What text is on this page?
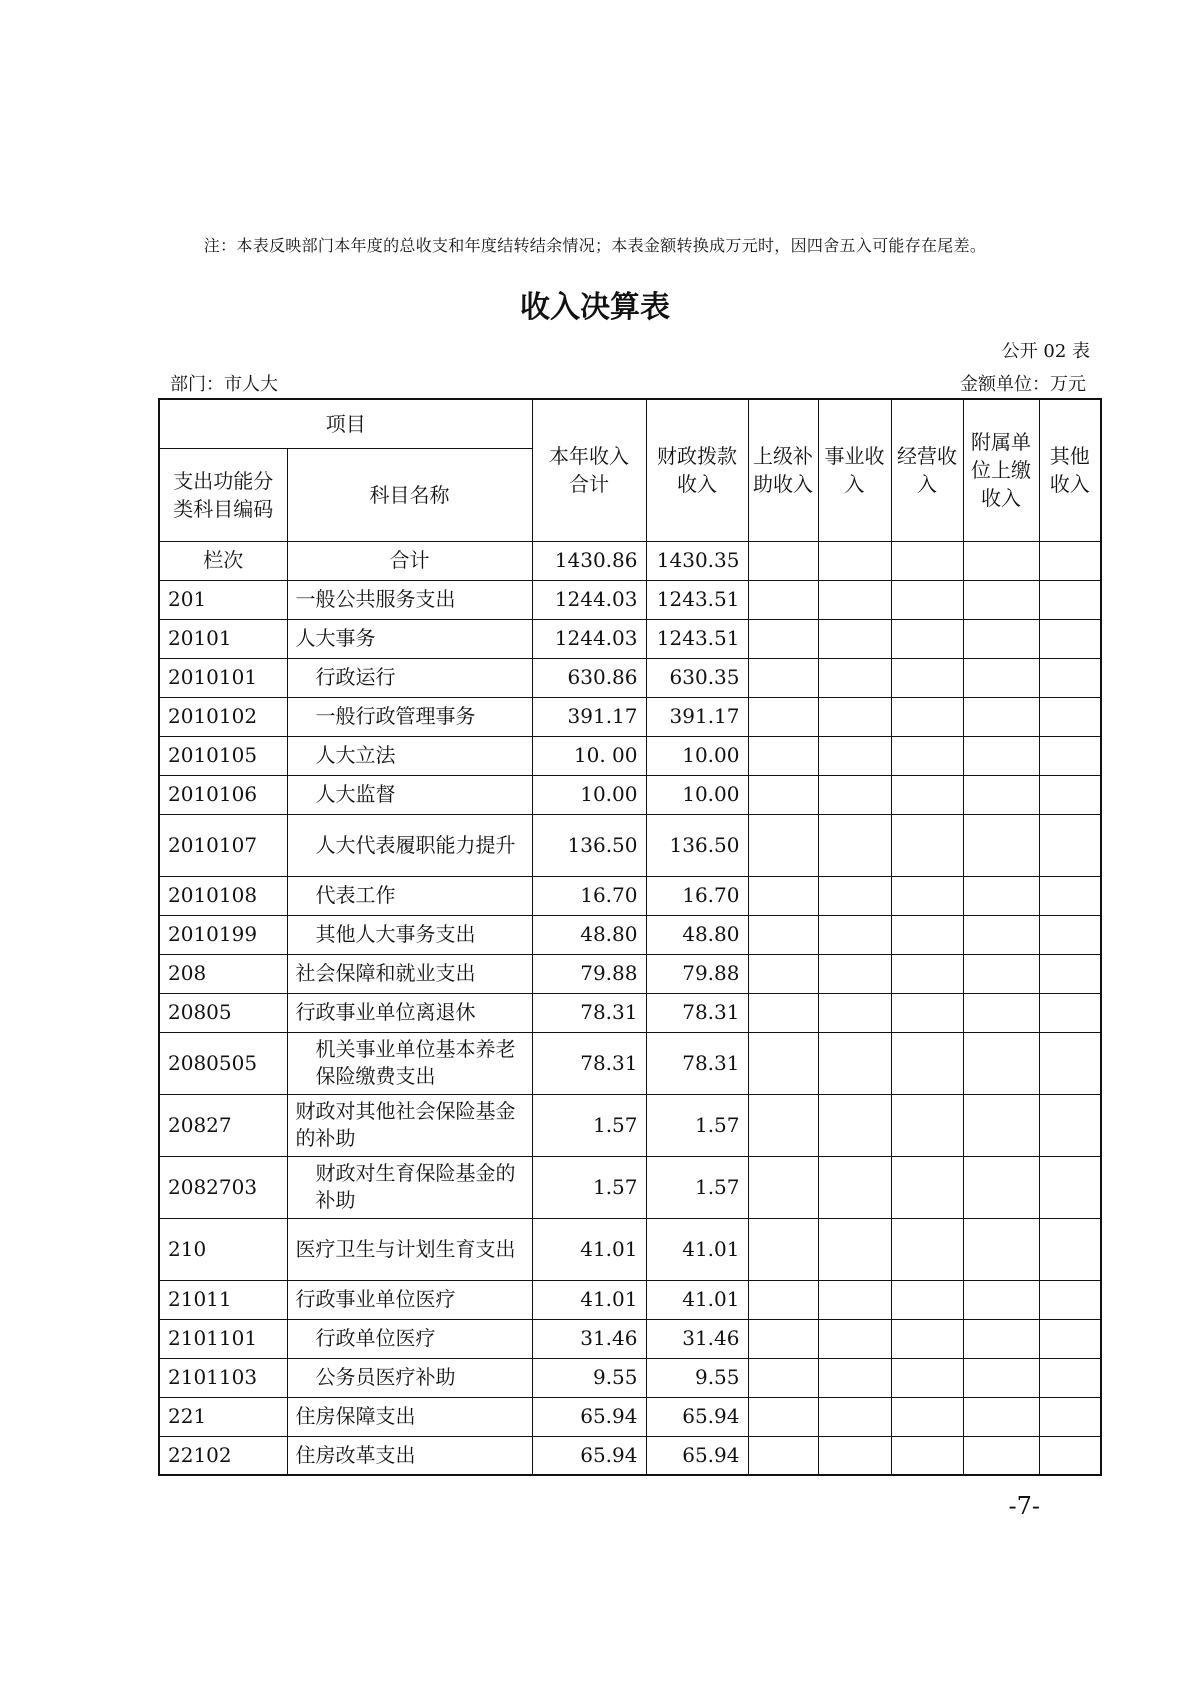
注：本表反映部门本年度的总收支和年度结转结余情况；本表金额转换成万元时，因四舍五入可能存在尾差。
收入决算表
公开 02 表
部门：市人大	金额单位：万元
项目		本年收入合计	财政拨款收入	上级补助收入	事业收入	经营收入	附属单位上缴收入	其他收入
支出功能分类科目编码	科目名称							
栏次	合计	1430.86	1430.35					
201	一般公共服务支出	1244.03	1243.51					
20101	人大事务	1244.03	1243.51					
2010101	行政运行	630.86	630.35					
2010102	一般行政管理事务	391.17	391.17					
2010105	人大立法	10. 00	10.00					
2010106	人大监督	10.00	10.00					
2010107	人大代表履职能力提升	136.50	136.50					
2010108	代表工作	16.70	16.70					
2010199	其他人大事务支出	48.80	48.80					
208	社会保障和就业支出	79.88	79.88					
20805	行政事业单位离退休	78.31	78.31					
2080505	机关事业单位基本养老保险缴费支出	78.31	78.31					
20827	财政对其他社会保险基金的补助	1.57	1.57					
2082703	财政对生育保险基金的补助	1.57	1.57					
210	医疗卫生与计划生育支出	41.01	41.01					
21011	行政事业单位医疗	41.01	41.01					
2101101	行政单位医疗	31.46	31.46					
2101103	公务员医疗补助	9.55	9.55					
221	住房保障支出	65.94	65.94					
22102	住房改革支出	65.94	65.94					
-7-
